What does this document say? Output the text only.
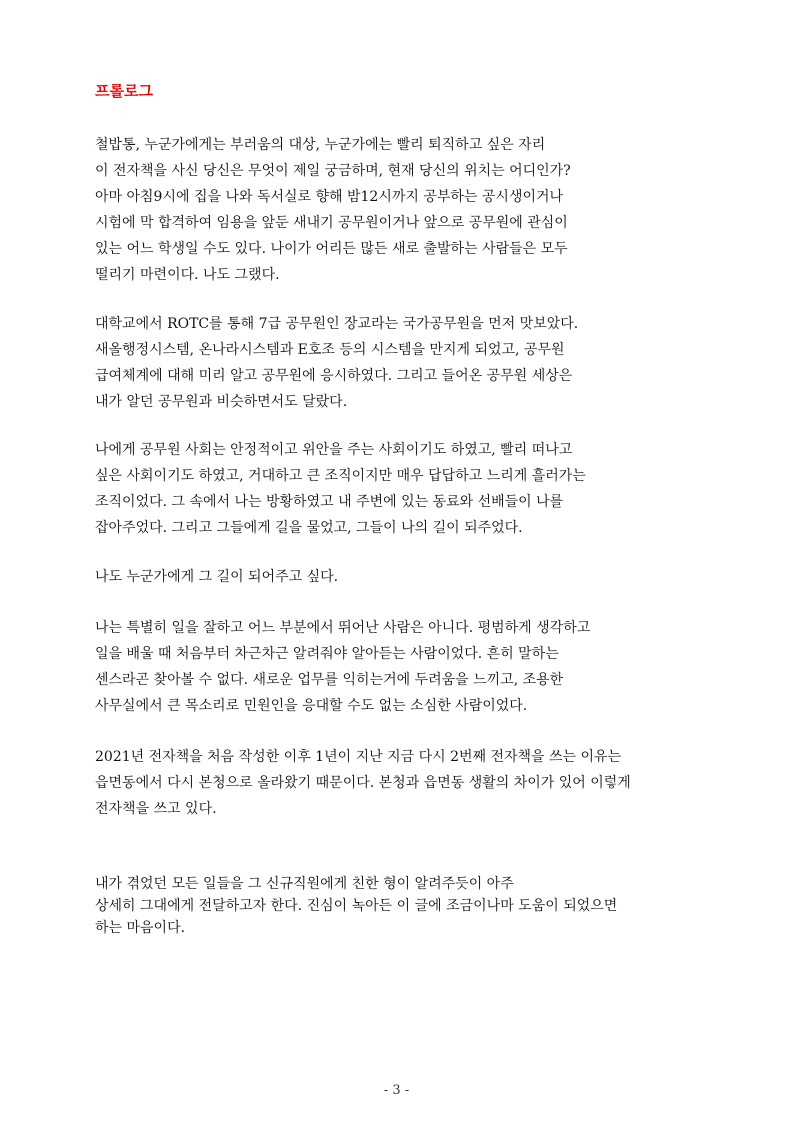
프롤로그

철밥통, 누군가에게는 부러움의 대상, 누군가에는 빨리 퇴직하고 싶은 자리
이 전자책을 사신 당신은 무엇이 제일 궁금하며, 현재 당신의 위치는 어디인가?
아마 아침9시에 집을 나와 독서실로 향해 밤12시까지 공부하는 공시생이거나
시험에 막 합격하여 임용을 앞둔 새내기 공무원이거나 앞으로 공무원에 관심이
있는 어느 학생일 수도 있다. 나이가 어리든 많든 새로 출발하는 사람들은 모두
떨리기 마련이다. 나도 그랬다.

대학교에서 ROTC를 통해 7급 공무원인 장교라는 국가공무원을 먼저 맛보았다.
새올행정시스템, 온나라시스템과 E호조 등의 시스템을 만지게 되었고, 공무원
급여체계에 대해 미리 알고 공무원에 응시하였다. 그리고 들어온 공무원 세상은
내가 알던 공무원과 비슷하면서도 달랐다.

나에게 공무원 사회는 안정적이고 위안을 주는 사회이기도 하였고, 빨리 떠나고
싶은 사회이기도 하였고, 거대하고 큰 조직이지만 매우 답답하고 느리게 흘러가는
조직이었다. 그 속에서 나는 방황하였고 내 주변에 있는 동료와 선배들이 나를
잡아주었다. 그리고 그들에게 길을 물었고, 그들이 나의 길이 되주었다.

나도 누군가에게 그 길이 되어주고 싶다.

나는 특별히 일을 잘하고 어느 부분에서 뛰어난 사람은 아니다. 평범하게 생각하고
일을 배울 때 처음부터 차근차근 알려줘야 알아듣는 사람이었다. 흔히 말하는
센스라곤 찾아볼 수 없다. 새로운 업무를 익히는거에 두려움을 느끼고, 조용한
사무실에서 큰 목소리로 민원인을 응대할 수도 없는 소심한 사람이었다.

2021년 전자책을 처음 작성한 이후 1년이 지난 지금 다시 2번째 전자책을 쓰는 이유는
읍면동에서 다시 본청으로 올라왔기 때문이다. 본청과 읍면동 생활의 차이가 있어 이렇게
전자책을 쓰고 있다.

내가 겪었던 모든 일들을 그 신규직원에게 친한 형이 알려주듯이 아주
상세히 그대에게 전달하고자 한다. 진심이 녹아든 이 글에 조금이나마 도움이 되었으면
하는 마음이다.

- 3 -
